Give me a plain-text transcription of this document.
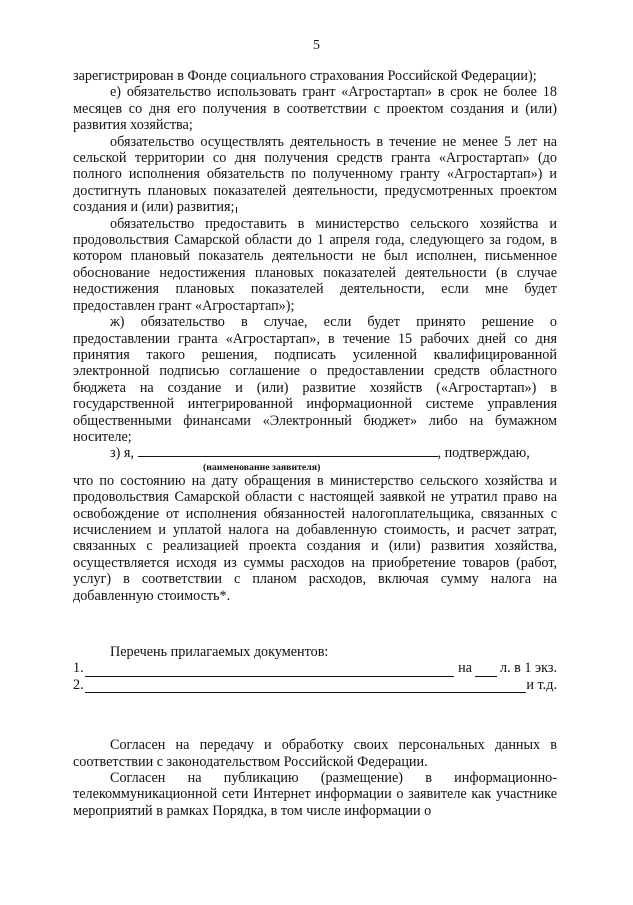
5

зарегистрирован в Фонде социального страхования Российской Федерации);

е) обязательство использовать грант «Агростартап» в срок не более 18 месяцев со дня его получения в соответствии с проектом создания и (или) развития хозяйства;

обязательство осуществлять деятельность в течение не менее 5 лет на сельской территории со дня получения средств гранта «Агростартап» (до полного исполнения обязательств по полученному гранту «Агростартап») и достигнуть плановых показателей деятельности, предусмотренных проектом создания и (или) развития;

обязательство предоставить в министерство сельского хозяйства и продовольствия Самарской области до 1 апреля года, следующего за годом, в котором плановый показатель деятельности не был исполнен, письменное обоснование недостижения плановых показателей деятельности (в случае недостижения плановых показателей деятельности, если мне будет предоставлен грант «Агростартап»);

ж) обязательство в случае, если будет принято решение о предоставлении гранта «Агростартап», в течение 15 рабочих дней со дня принятия такого решения, подписать усиленной квалифицированной электронной подписью соглашение о предоставлении средств областного бюджета на создание и (или) развитие хозяйств («Агростартап») в государственной интегрированной информационной системе управления общественными финансами «Электронный бюджет» либо на бумажном носителе;

з) я,	, подтверждаю,

(наименование заявителя)

что по состоянию на дату обращения в министерство сельского хозяйства и продовольствия Самарской области с настоящей заявкой не утратил право на освобождение от исполнения обязанностей налогоплательщика, связанных с исчислением и уплатой налога на добавленную стоимость, и расчет затрат, связанных с реализацией проекта создания и (или) развития хозяйства, осуществляется исходя из суммы расходов на приобретение товаров (работ, услуг) в соответствии с планом расходов, включая сумму налога на добавленную стоимость*.

Перечень прилагаемых документов:

1.	на л. в 1 экз.
2.	и т.д.

Согласен на передачу и обработку своих персональных данных в соответствии с законодательством Российской Федерации.

Согласен на публикацию (размещение) в информационно-телекоммуникационной сети Интернет информации о заявителе как участнике мероприятий в рамках Порядка, в том числе информации о
